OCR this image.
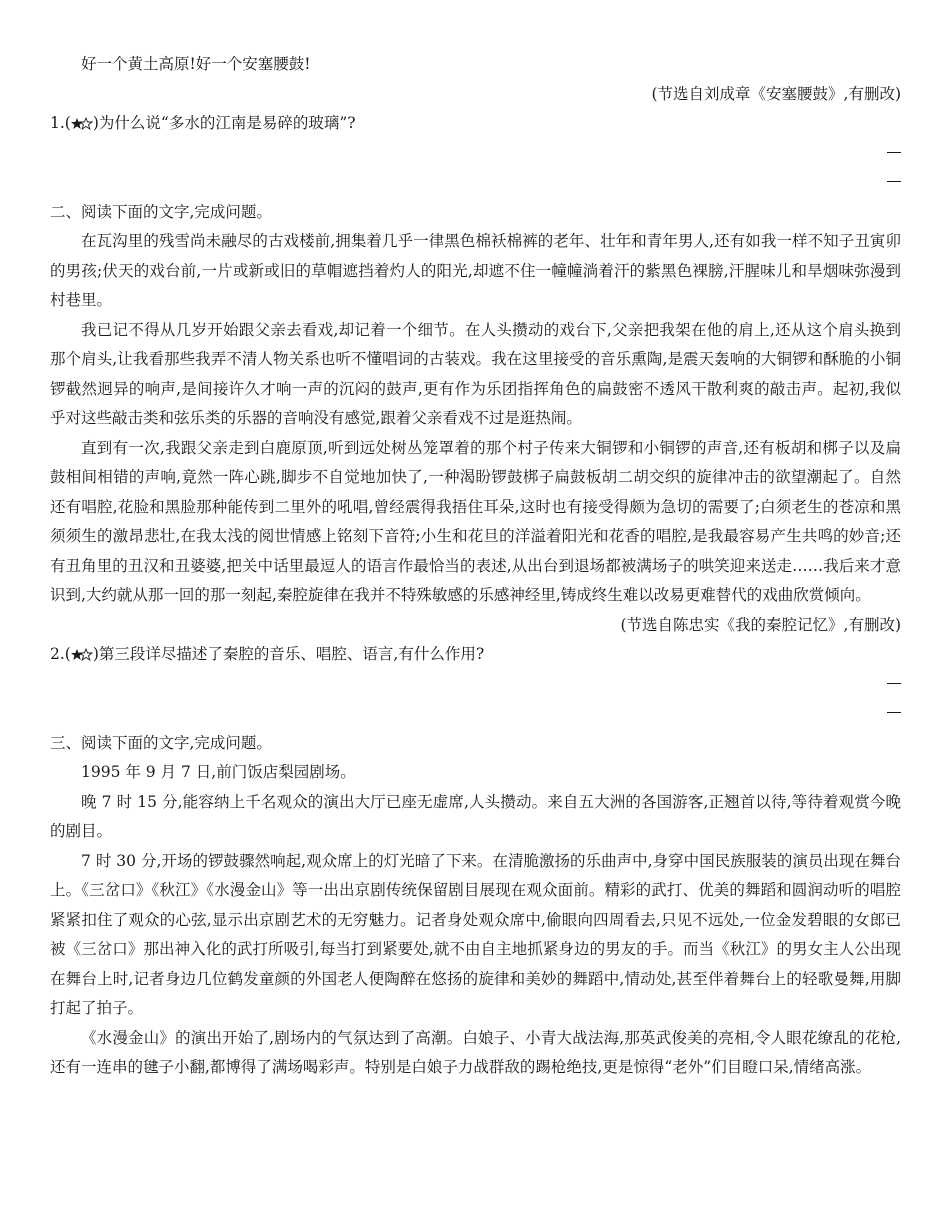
好一个黄土高原!好一个安塞腰鼓!

(节选自刘成章《安塞腰鼓》,有删改)

1. ( ) 为什么说“多水的江南是易碎的玻璃”?

二、阅读下面的文字,完成问题。

在瓦沟里的残雪尚未融尽的古戏楼前,拥集着几乎一律黑色棉袄棉裤的老年、壮年和青年男人,还有如我一样不知子丑寅卯的男孩;伏天的戏台前,一片或新或旧的草帽遮挡着灼人的阳光,却遮不住一幢幢淌着汗的紫黑色裸膀,汗腥味儿和旱烟味弥漫到村巷里。

我已记不得从几岁开始跟父亲去看戏,却记着一个细节。在人头攒动的戏台下,父亲把我架在他的肩上,还从这个肩头换到那个肩头,让我看那些我弄不清人物关系也听不懂唱词的古装戏。我在这里接受的音乐熏陶,是震天轰响的大铜锣和酥脆的小铜锣截然迥异的响声,是间接许久才响一声的沉闷的鼓声,更有作为乐团指挥角色的扁鼓密不透风干散利爽的敲击声。起初,我似乎对这些敲击类和弦乐类的乐器的音响没有感觉,跟着父亲看戏不过是逛热闹。

直到有一次,我跟父亲走到白鹿原顶,听到远处树丛笼罩着的那个村子传来大铜锣和小铜锣的声音,还有板胡和梆子以及扁鼓相间相错的声响,竟然一阵心跳,脚步不自觉地加快了,一种渴盼锣鼓梆子扁鼓板胡二胡交织的旋律冲击的欲望潮起了。自然还有唱腔,花脸和黑脸那种能传到二里外的吼唱,曾经震得我捂住耳朵,这时也有接受得颇为急切的需要了;白须老生的苍凉和黑须须生的激昂悲壮,在我太浅的阅世情感上铭刻下音符;小生和花旦的洋溢着阳光和花香的唱腔,是我最容易产生共鸣的妙音;还有丑角里的丑汉和丑婆婆,把关中话里最逗人的语言作最恰当的表述,从出台到退场都被满场子的哄笑迎来送走……我后来才意识到,大约就从那一回的那一刻起,秦腔旋律在我并不特殊敏感的乐感神经里,铸成终生难以改易更难替代的戏曲欣赏倾向。

(节选自陈忠实《我的秦腔记忆》,有删改)

2. ( ) 第三段详尽描述了秦腔的音乐、唱腔、语言,有什么作用?

三、阅读下面的文字,完成问题。

1995 年 9 月 7 日,前门饭店梨园剧场。

晚 7 时 15 分,能容纳上千名观众的演出大厅已座无虚席,人头攒动。来自五大洲的各国游客,正翘首以待,等待着观赏今晚的剧目。

7 时 30 分,开场的锣鼓骤然响起,观众席上的灯光暗了下来。在清脆激扬的乐曲声中,身穿中国民族服装的演员出现在舞台上。《三岔口》《秋江》《水漫金山》等一出出京剧传统保留剧目展现在观众面前。精彩的武打、优美的舞蹈和圆润动听的唱腔紧紧扣住了观众的心弦,显示出京剧艺术的无穷魅力。记者身处观众席中,偷眼向四周看去,只见不远处,一位金发碧眼的女郎已被《三岔口》那出神入化的武打所吸引,每当打到紧要处,就不由自主地抓紧身边的男友的手。而当《秋江》的男女主人公出现在舞台上时,记者身边几位鹤发童颜的外国老人便陶醉在悠扬的旋律和美妙的舞蹈中,情动处,甚至伴着舞台上的轻歌曼舞,用脚打起了拍子。

《水漫金山》的演出开始了,剧场内的气氛达到了高潮。白娘子、小青大战法海,那英武俊美的亮相,令人眼花缭乱的花枪,还有一连串的毽子小翻,都博得了满场喝彩声。特别是白娘子力战群敌的踢枪绝技,更是惊得“老外”们目瞪口呆,情绪高涨。
